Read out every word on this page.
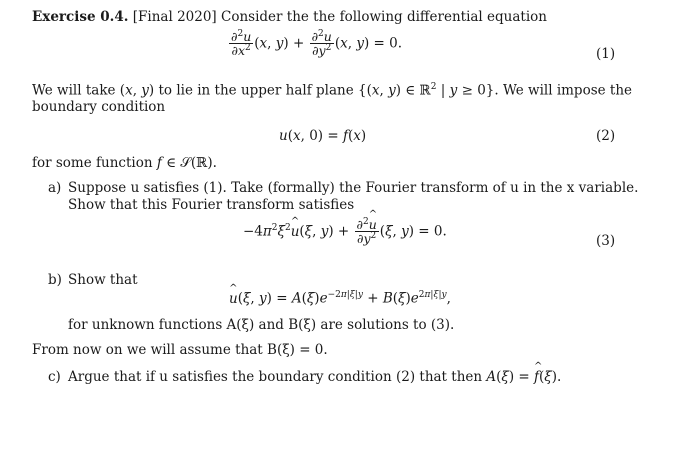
Exercise 0.4. [Final 2020] Consider the the following differential equation
$\frac{\partial^2u}{\partial x^2} (x$, $y) + \frac{\partial^2u}{\partial y^2} (x$, y) = 0.
(1)
We will take (x, y) to lie in the upper half plane {(x, y) ∈ ℝ$^2$ | y ≥ 0}. We will impose the
boundary condition
u(x, 0) = f(x)	(2)
for some function f ∈ 𝒮(ℝ).
a) Suppose u satisfies (1). Take (formally) the Fourier transform of u in the x variable.
Show that this Fourier transform satisfies
$-4\pi^2\xi^2\^{}$ u(ξ, $y) + \frac{\partial^2\^{} u}{\partial y^2} (\xi$, y) = 0.
(3)
b) Show that
^ u(ξ, $y) = A(\xi)e^{-2\pi|\xi|y} + B(\xi)e^{2\pi|\xi|y}$,
for unknown functions A(ξ) and B(ξ) are solutions to (3).
From now on we will assume that B(ξ) = 0.
c) Argue that if u satisfies the boundary condition (2) that then A(ξ) = ^ f(ξ).
